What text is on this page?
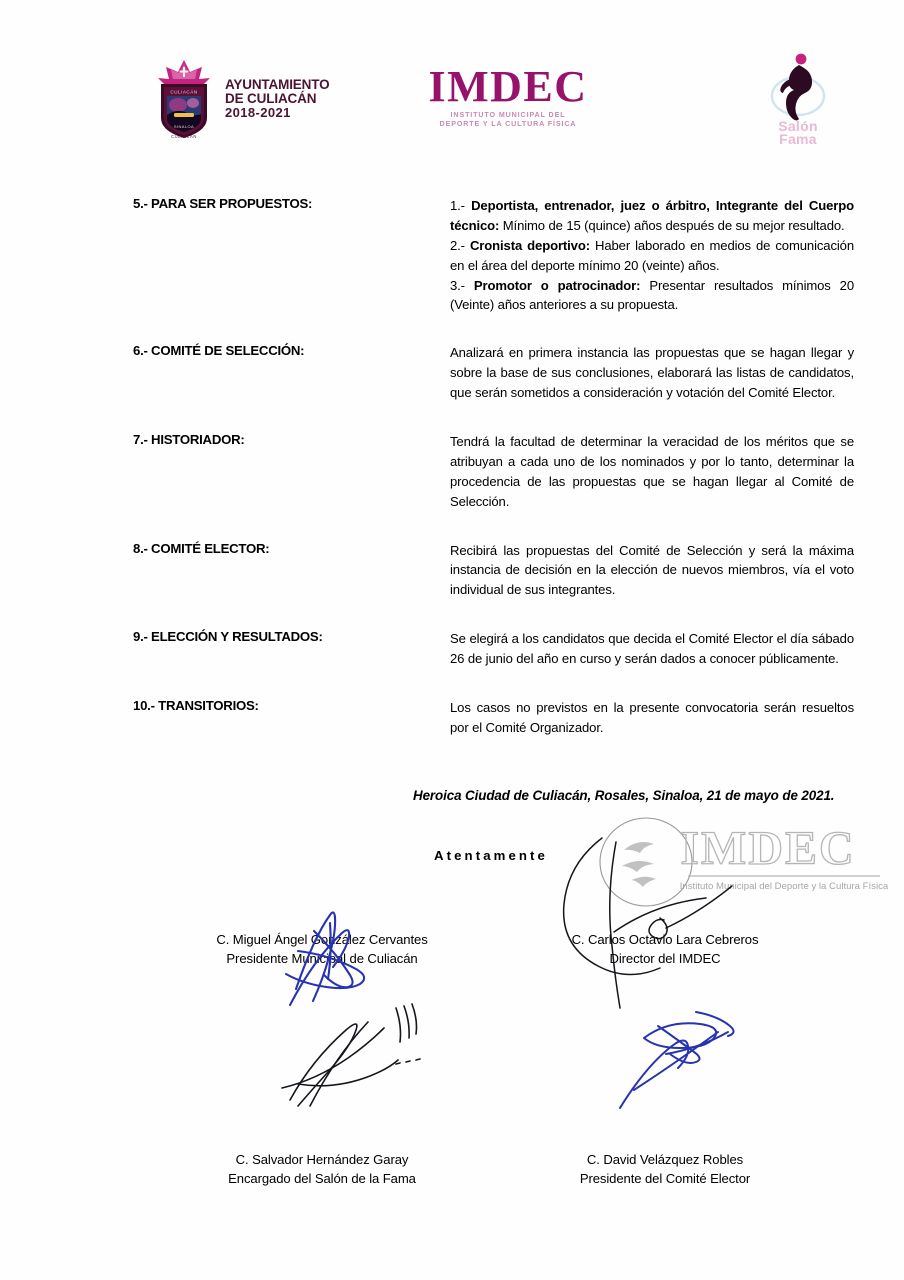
CULIACÁN
SINALOA
CULIACÁN
AYUNTAMIENTO
DE CULIACÁN
2018-2021
IMDEC
INSTITUTO MUNICIPAL DEL
DEPORTE Y LA CULTURA FÍSICA	Salón
Fama
5.- PARA SER PROPUESTOS:	1.- Deportista, entrenador, juez o árbitro, Integrante del Cuerpo técnico: Mínimo de 15 (quince) años después de su mejor resultado.

2.- Cronista deportivo: Haber laborado en medios de comunicación en el área del deporte mínimo 20 (veinte) años.

3.- Promotor o patrocinador: Presentar resultados mínimos 20 (Veinte) años anteriores a su propuesta.

6.- COMITÉ DE SELECCIÓN:	Analizará en primera instancia las propuestas que se hagan llegar y sobre la base de sus conclusiones, elaborará las listas de candidatos, que serán sometidos a consideración y votación del Comité Elector.

7.- HISTORIADOR:	Tendrá la facultad de determinar la veracidad de los méritos que se atribuyan a cada uno de los nominados y por lo tanto, determinar la procedencia de las propuestas que se hagan llegar al Comité de Selección.

8.- COMITÉ ELECTOR:	Recibirá las propuestas del Comité de Selección y será la máxima instancia de decisión en la elección de nuevos miembros, vía el voto individual de sus integrantes.

9.- ELECCIÓN Y RESULTADOS:	Se elegirá a los candidatos que decida el Comité Elector el día sábado 26 de junio del año en curso y serán dados a conocer públicamente.

10.- TRANSITORIOS:	Los casos no previstos en la presente convocatoria serán resueltos por el Comité Organizador.

Heroica Ciudad de Culiacán, Rosales, Sinaloa, 21 de mayo de 2021.
Atentamente	IMDEC
Instituto Municipal del Deporte y la Cultura Física
C. Miguel Ángel González Cervantes
Presidente Municipal de Culiacán
C. Carlos Octavio Lara Cebreros
Director del IMDEC
C. Salvador Hernández Garay
Encargado del Salón de la Fama
C. David Velázquez Robles
Presidente del Comité Elector
